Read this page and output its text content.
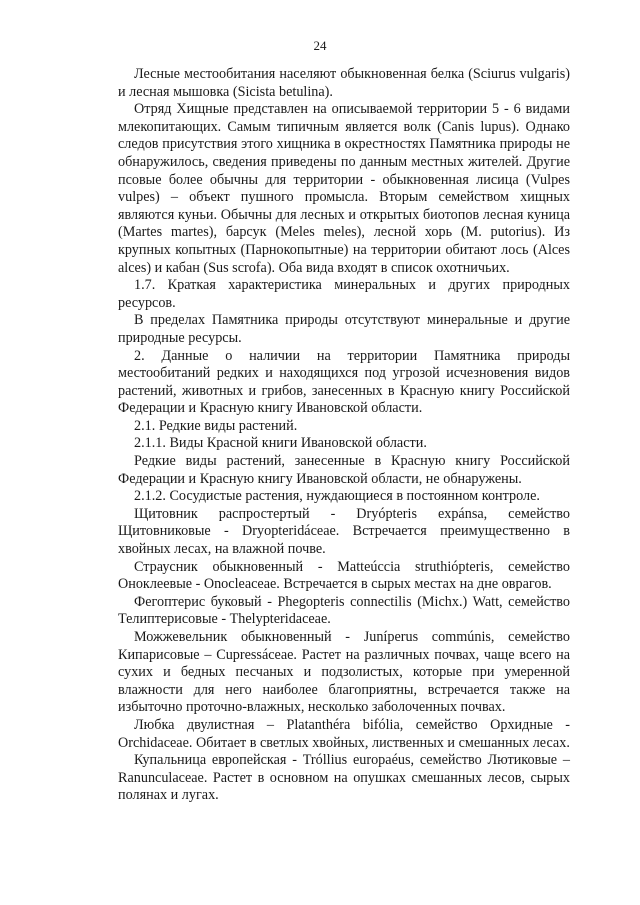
24

Лесные местообитания населяют обыкновенная белка (Sciurus vulgaris) и лесная мышовка (Sicista betulina).

Отряд Хищные представлен на описываемой территории 5 - 6 видами млекопитающих. Самым типичным является волк (Canis lupus). Однако следов присутствия этого хищника в окрестностях Памятника природы не обнаружилось, сведения приведены по данным местных жителей. Другие псовые более обычны для территории - обыкновенная лисица (Vulpes vulpes) – объект пушного промысла. Вторым семейством хищных являются куньи. Обычны для лесных и открытых биотопов лесная куница (Martes martes), барсук (Meles meles), лесной хорь (M. putorius). Из крупных копытных (Парнокопытные) на территории обитают лось (Alces alces) и кабан (Sus scrofa). Оба вида входят в список охотничьих.

1.7. Краткая характеристика минеральных и других природных ресурсов.

В пределах Памятника природы отсутствуют минеральные и другие природные ресурсы.

2. Данные о наличии на территории Памятника природы местообитаний редких и находящихся под угрозой исчезновения видов растений, животных и грибов, занесенных в Красную книгу Российской Федерации и Красную книгу Ивановской области.

2.1. Редкие виды растений.

2.1.1. Виды Красной книги Ивановской области.

Редкие виды растений, занесенные в Красную книгу Российской Федерации и Красную книгу Ивановской области, не обнаружены.

2.1.2. Сосудистые растения, нуждающиеся в постоянном контроле.

Щитовник распростертый - Dryópteris expánsa, семейство Щитовниковые - Dryopteridáceae. Встречается преимущественно в хвойных лесах, на влажной почве.

Страусник обыкновенный - Matteúccia struthiópteris, семейство Оноклеевые - Onocleaceae. Встречается в сырых местах на дне оврагов.

Фегоптерис буковый - Phegopteris connectilis (Michx.) Watt, семейство Телиптерисовые - Thelypteridaceae.

Можжевельник обыкновенный - Juníperus commúnis, семейство Кипарисовые – Cupressáceae. Растет на различных почвах, чаще всего на сухих и бедных песчаных и подзолистых, которые при умеренной влажности для него наиболее благоприятны, встречается также на избыточно проточно-влажных, несколько заболоченных почвах.

Любка двулистная – Platanthéra bifólia, семейство Орхидные - Orchidaceae. Обитает в светлых хвойных, лиственных и смешанных лесах.

Купальница европейская - Tróllius europaéus, семейство Лютиковые – Ranunculaceae. Растет в основном на опушках смешанных лесов, сырых полянах и лугах.
